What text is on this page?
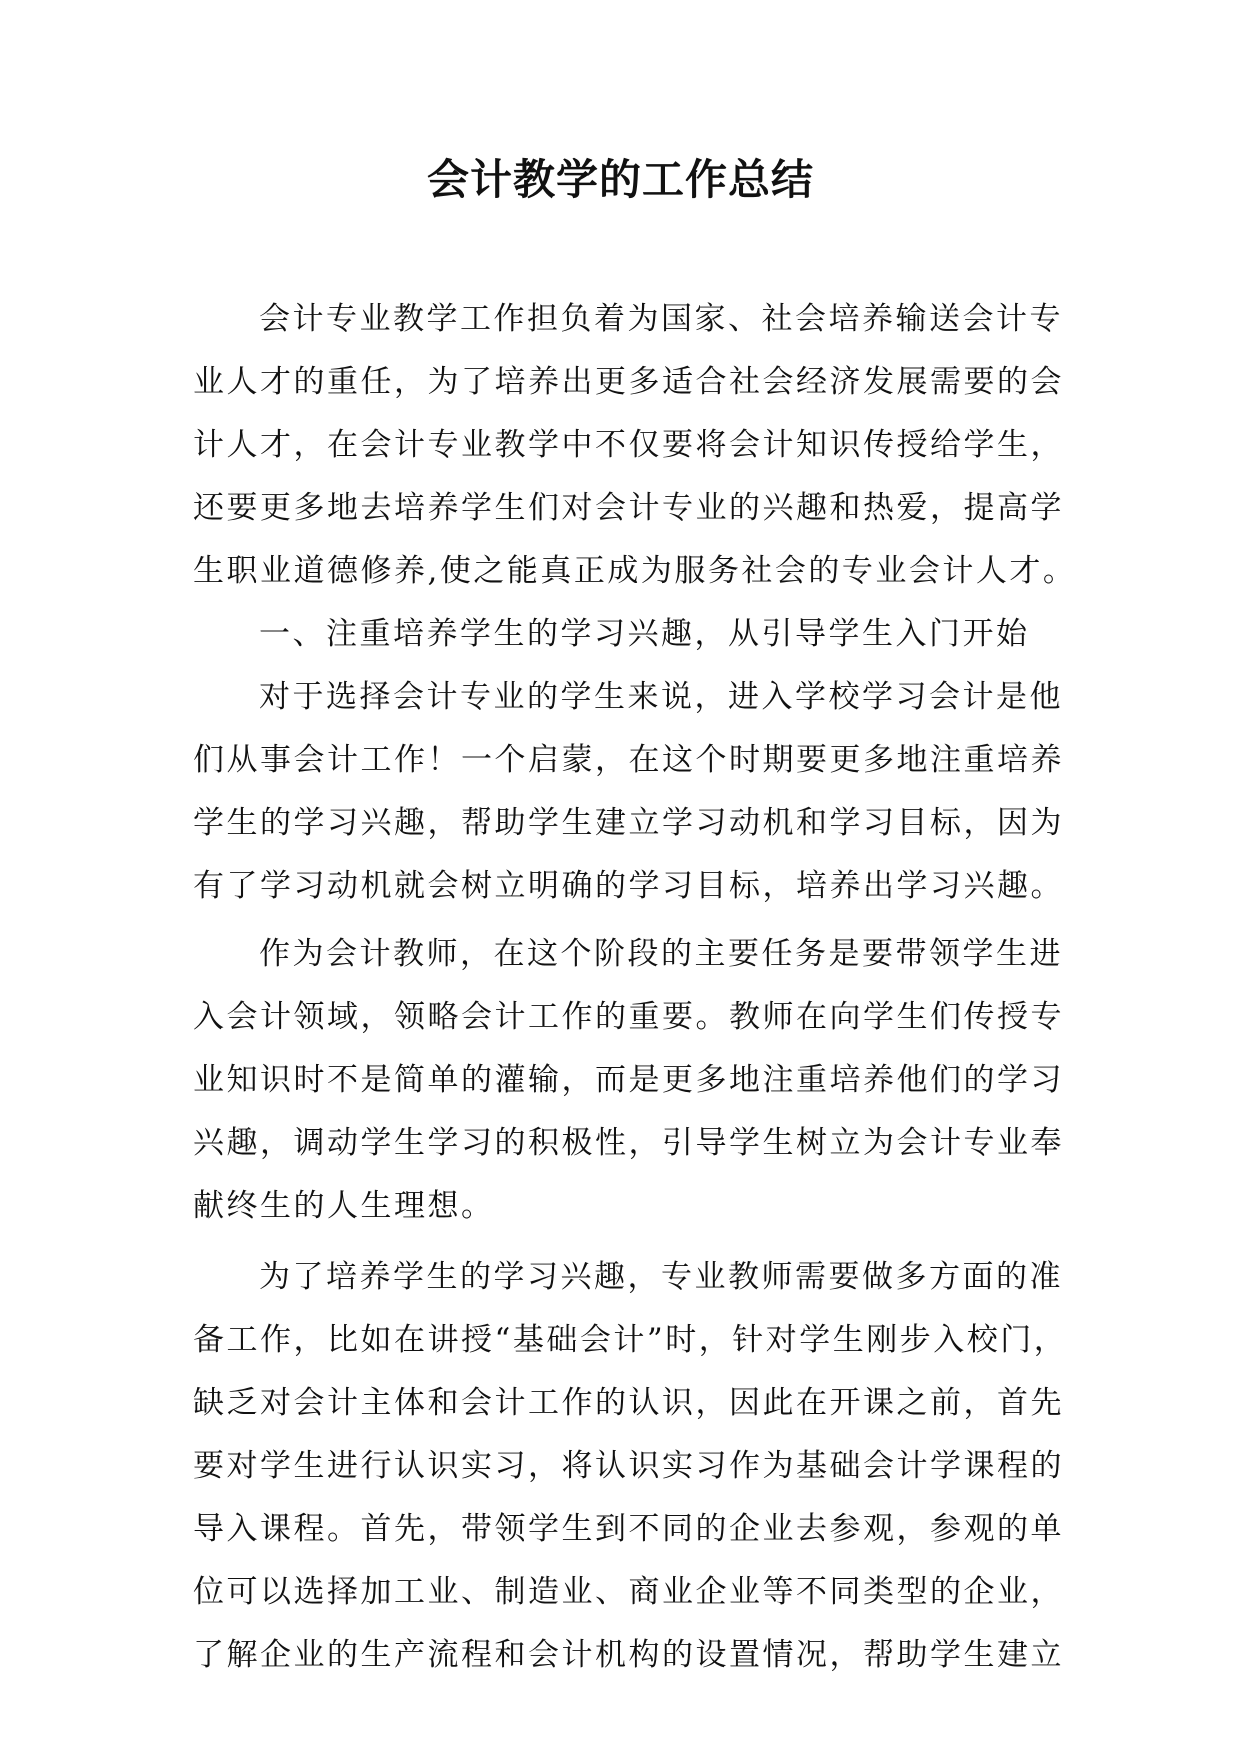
会计教学的工作总结
会计专业教学工作担负着为国家、社会培养输送会计专
业人才的重任，为了培养出更多适合社会经济发展需要的会
计人才，在会计专业教学中不仅要将会计知识传授给学生，
还要更多地去培养学生们对会计专业的兴趣和热爱，提高学
生职业道德修养,使之能真正成为服务社会的专业会计人才。
一、注重培养学生的学习兴趣，从引导学生入门开始
对于选择会计专业的学生来说，进入学校学习会计是他
们从事会计工作！一个启蒙，在这个时期要更多地注重培养
学生的学习兴趣，帮助学生建立学习动机和学习目标，因为
有了学习动机就会树立明确的学习目标，培养出学习兴趣。
作为会计教师，在这个阶段的主要任务是要带领学生进
入会计领域，领略会计工作的重要。教师在向学生们传授专
业知识时不是简单的灌输，而是更多地注重培养他们的学习
兴趣，调动学生学习的积极性，引导学生树立为会计专业奉
献终生的人生理想。
为了培养学生的学习兴趣，专业教师需要做多方面的准
备工作，比如在讲授“基础会计”时，针对学生刚步入校门，
缺乏对会计主体和会计工作的认识，因此在开课之前，首先
要对学生进行认识实习，将认识实习作为基础会计学课程的
导入课程。首先，带领学生到不同的企业去参观，参观的单
位可以选择加工业、制造业、商业企业等不同类型的企业，
了解企业的生产流程和会计机构的设置情况，帮助学生建立
